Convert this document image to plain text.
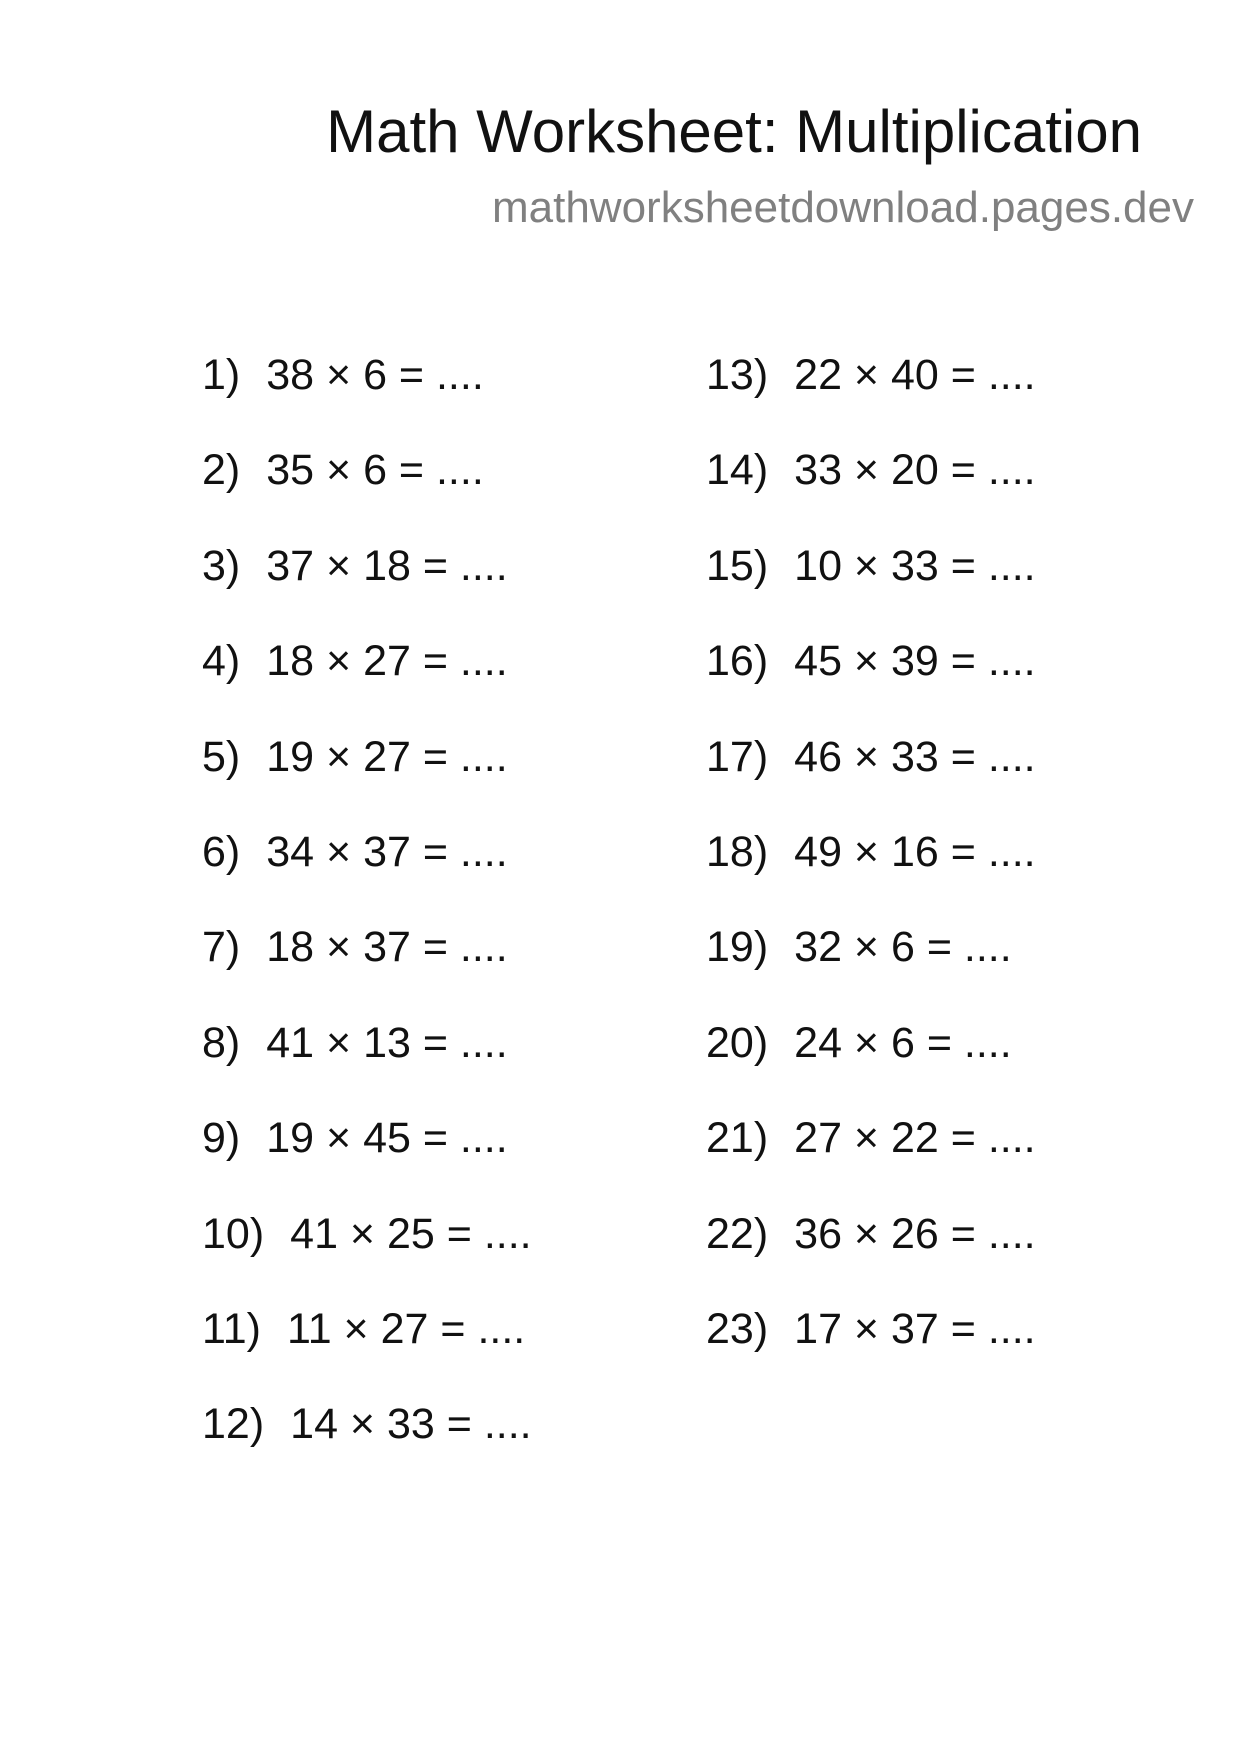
Math Worksheet: Multiplication

mathworksheetdownload.pages.dev

1) 38 × 6 = ....
2) 35 × 6 = ....
3) 37 × 18 = ....
4) 18 × 27 = ....
5) 19 × 27 = ....
6) 34 × 37 = ....
7) 18 × 37 = ....
8) 41 × 13 = ....
9) 19 × 45 = ....
10) 41 × 25 = ....
11) 11 × 27 = ....
12) 14 × 33 = ....
13) 22 × 40 = ....
14) 33 × 20 = ....
15) 10 × 33 = ....
16) 45 × 39 = ....
17) 46 × 33 = ....
18) 49 × 16 = ....
19) 32 × 6 = ....
20) 24 × 6 = ....
21) 27 × 22 = ....
22) 36 × 26 = ....
23) 17 × 37 = ....
